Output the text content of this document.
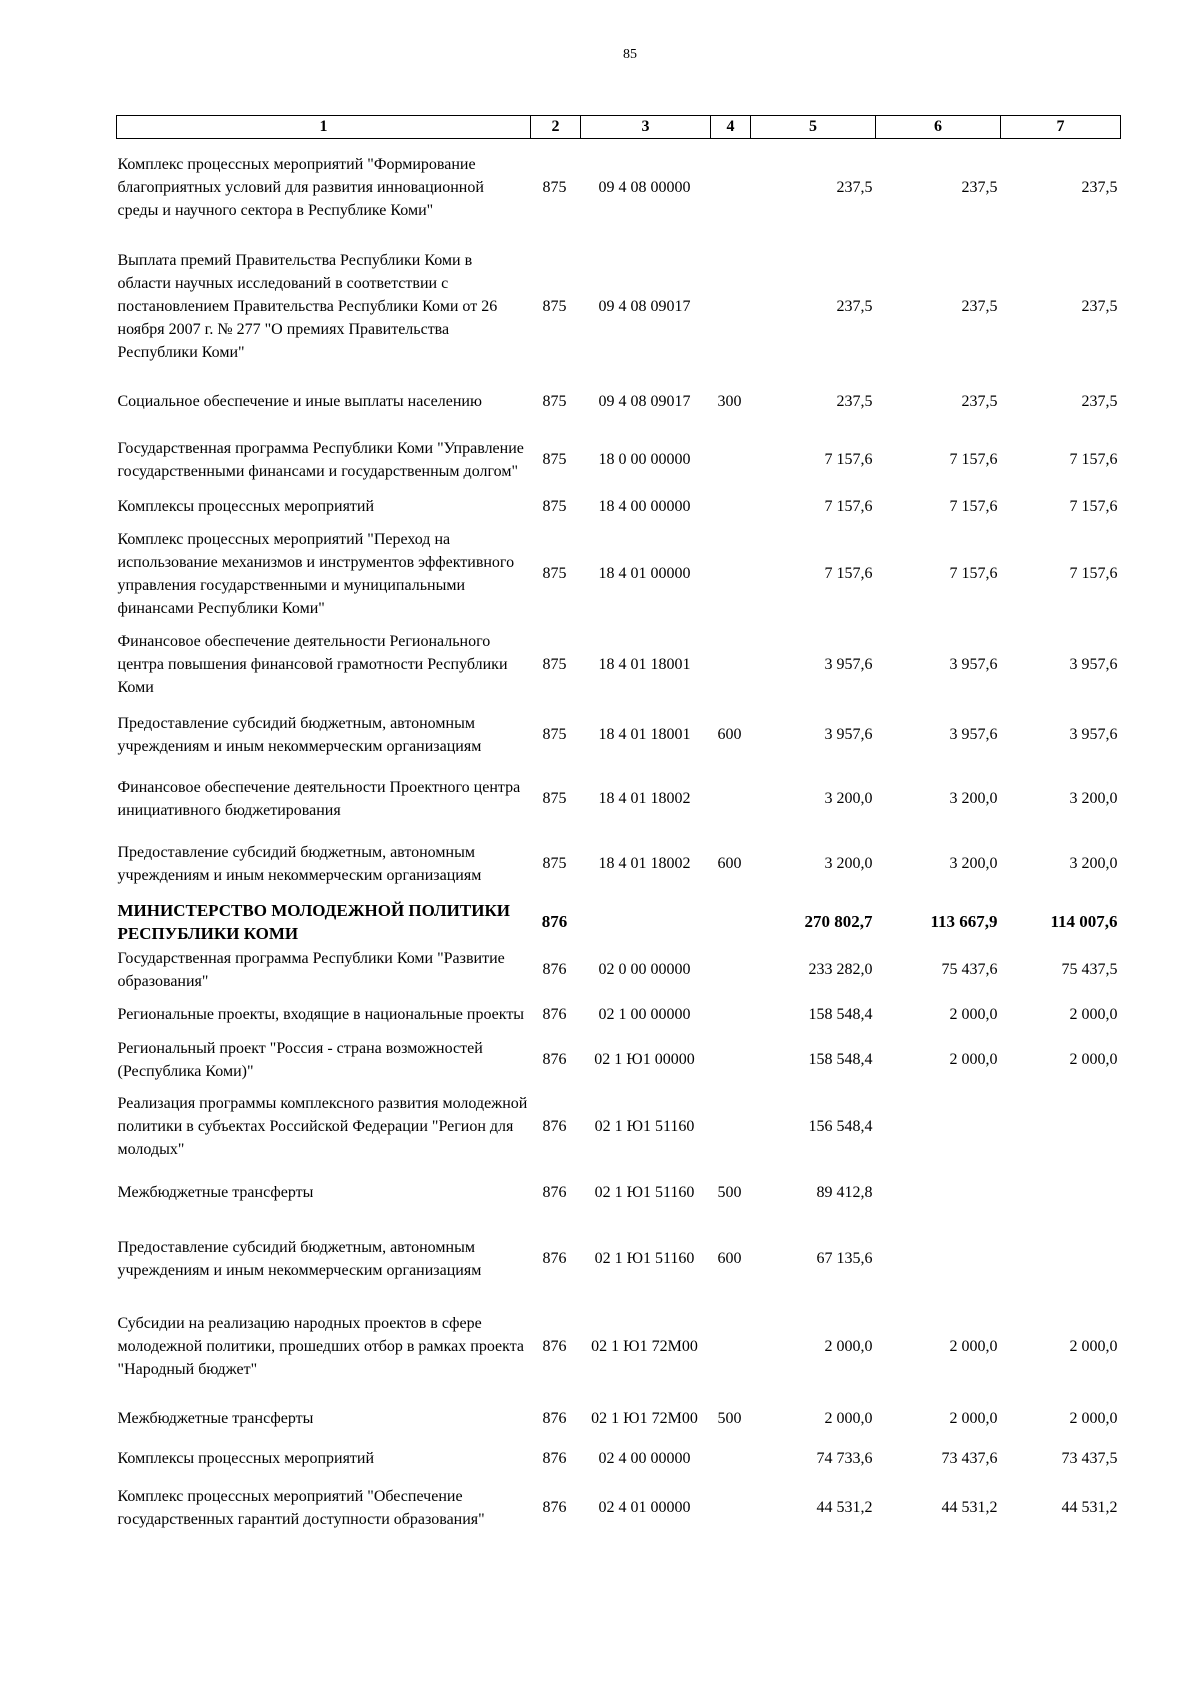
85
1	2	3	4	5	6	7
Комплекс процессных мероприятий "Формирование благоприятных условий для развития инновационной среды и научного сектора в Республике Коми"	875	09 4 08 00000		237,5	237,5	237,5
Выплата премий Правительства Республики Коми в области научных исследований в соответствии с постановлением Правительства Республики Коми от 26 ноября 2007 г. № 277 "О премиях Правительства Республики Коми"	875	09 4 08 09017		237,5	237,5	237,5
Социальное обеспечение и иные выплаты населению	875	09 4 08 09017	300	237,5	237,5	237,5
Государственная программа Республики Коми "Управление государственными финансами и государственным долгом"	875	18 0 00 00000		7 157,6	7 157,6	7 157,6
Комплексы процессных мероприятий	875	18 4 00 00000		7 157,6	7 157,6	7 157,6
Комплекс процессных мероприятий "Переход на использование механизмов и инструментов эффективного управления государственными и муниципальными финансами Республики Коми"	875	18 4 01 00000		7 157,6	7 157,6	7 157,6
Финансовое обеспечение деятельности Регионального центра повышения финансовой грамотности Республики Коми	875	18 4 01 18001		3 957,6	3 957,6	3 957,6
Предоставление субсидий бюджетным, автономным учреждениям и иным некоммерческим организациям	875	18 4 01 18001	600	3 957,6	3 957,6	3 957,6
Финансовое обеспечение деятельности Проектного центра инициативного бюджетирования	875	18 4 01 18002		3 200,0	3 200,0	3 200,0
Предоставление субсидий бюджетным, автономным учреждениям и иным некоммерческим организациям	875	18 4 01 18002	600	3 200,0	3 200,0	3 200,0
МИНИСТЕРСТВО МОЛОДЕЖНОЙ ПОЛИТИКИ РЕСПУБЛИКИ КОМИ	876			270 802,7	113 667,9	114 007,6
Государственная программа Республики Коми "Развитие образования"	876	02 0 00 00000		233 282,0	75 437,6	75 437,5
Региональные проекты, входящие в национальные проекты	876	02 1 00 00000		158 548,4	2 000,0	2 000,0
Региональный проект "Россия - страна возможностей (Республика Коми)"	876	02 1 Ю1 00000		158 548,4	2 000,0	2 000,0
Реализация программы комплексного развития молодежной политики в субъектах Российской Федерации "Регион для молодых"	876	02 1 Ю1 51160		156 548,4		
Межбюджетные трансферты	876	02 1 Ю1 51160	500	89 412,8		
Предоставление субсидий бюджетным, автономным учреждениям и иным некоммерческим организациям	876	02 1 Ю1 51160	600	67 135,6		
Субсидии на реализацию народных проектов в сфере молодежной политики, прошедших отбор в рамках проекта "Народный бюджет"	876	02 1 Ю1 72М00		2 000,0	2 000,0	2 000,0
Межбюджетные трансферты	876	02 1 Ю1 72М00	500	2 000,0	2 000,0	2 000,0
Комплексы процессных мероприятий	876	02 4 00 00000		74 733,6	73 437,6	73 437,5
Комплекс процессных мероприятий "Обеспечение государственных гарантий доступности образования"	876	02 4 01 00000		44 531,2	44 531,2	44 531,2
